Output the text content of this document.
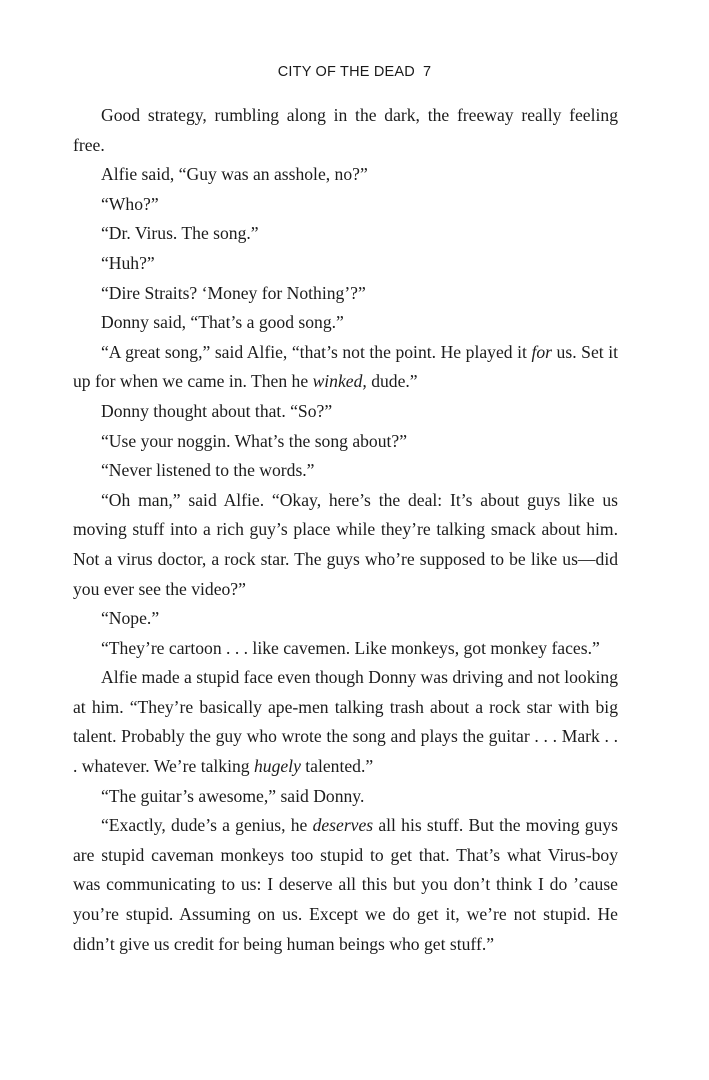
CITY OF THE DEAD 7

Good strategy, rumbling along in the dark, the freeway really feeling free.

Alfie said, “Guy was an asshole, no?”

“Who?”

“Dr. Virus. The song.”

“Huh?”

“Dire Straits? ‘Money for Nothing’?”

Donny said, “That’s a good song.”

“A great song,” said Alfie, “that’s not the point. He played it for us. Set it up for when we came in. Then he winked, dude.”

Donny thought about that. “So?”

“Use your noggin. What’s the song about?”

“Never listened to the words.”

“Oh man,” said Alfie. “Okay, here’s the deal: It’s about guys like us moving stuff into a rich guy’s place while they’re talking smack about him. Not a virus doctor, a rock star. The guys who’re supposed to be like us—did you ever see the video?”

“Nope.”

“They’re cartoon . . . like cavemen. Like monkeys, got monkey faces.”

Alfie made a stupid face even though Donny was driving and not looking at him. “They’re basically ape-men talking trash about a rock star with big talent. Probably the guy who wrote the song and plays the guitar . . . Mark . . . whatever. We’re talking hugely talented.”

“The guitar’s awesome,” said Donny.

“Exactly, dude’s a genius, he deserves all his stuff. But the moving guys are stupid caveman monkeys too stupid to get that. That’s what Virus-boy was communicating to us: I deserve all this but you don’t think I do ’cause you’re stupid. Assuming on us. Except we do get it, we’re not stupid. He didn’t give us credit for being human beings who get stuff.”
